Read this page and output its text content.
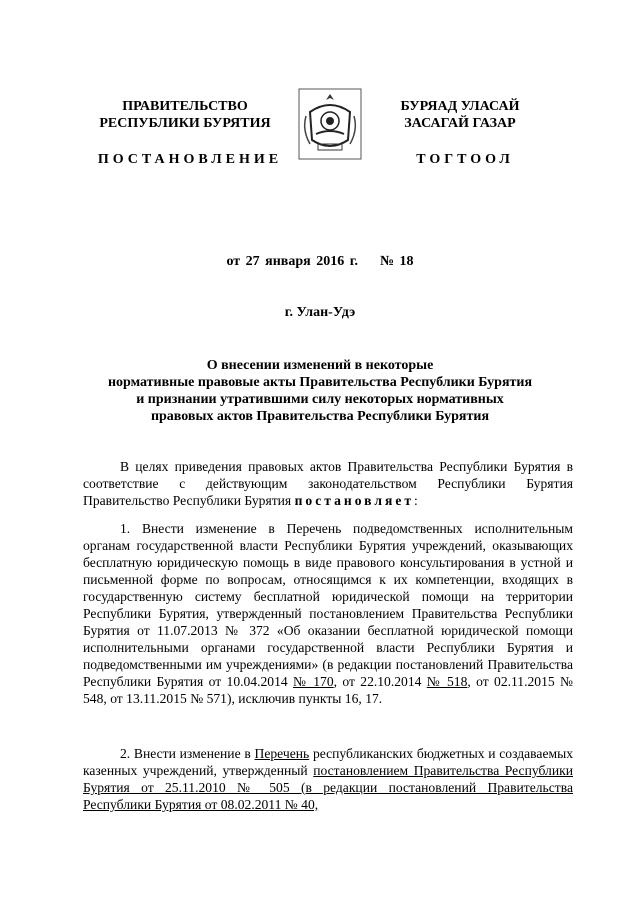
ПРАВИТЕЛЬСТВО
РЕСПУБЛИКИ БУРЯТИЯ
БУРЯАД УЛАСАЙ
ЗАСАГАЙ ГАЗАР
ПОСТАНОВЛЕНИЕ	ТОГТООЛ
от 27 января 2016 г.    № 18
г. Улан-Удэ
О внесении изменений в некоторые
нормативные правовые акты Правительства Республики Бурятия
и признании утратившими силу некоторых нормативных
правовых актов Правительства Республики Бурятия
В целях приведения правовых актов Правительства Республики Бурятия в соответствие с действующим законодательством Республики Бурятия Правительство Республики Бурятия постановляет:
1. Внести изменение в Перечень подведомственных исполнительным органам государственной власти Республики Бурятия учреждений, оказывающих бесплатную юридическую помощь в виде правового консультирования в устной и письменной форме по вопросам, относящимся к их компетенции, входящих в государственную систему бесплатной юридической помощи на территории Республики Бурятия, утвержденный постановлением Правительства Республики Бурятия от 11.07.2013 № 372 «Об оказании бесплатной юридической помощи исполнительными органами государственной власти Республики Бурятия и подведомственными им учреждениями» (в редакции постановлений Правительства Республики Бурятия от 10.04.2014 № 170, от 22.10.2014 № 518, от 02.11.2015 № 548, от 13.11.2015 № 571), исключив пункты 16, 17.
2. Внести изменение в Перечень республиканских бюджетных и создаваемых казенных учреждений, утвержденный постановлением Правительства Республики Бурятия от 25.11.2010 № 505 (в редакции постановлений Правительства Республики Бурятия от 08.02.2011 № 40,
